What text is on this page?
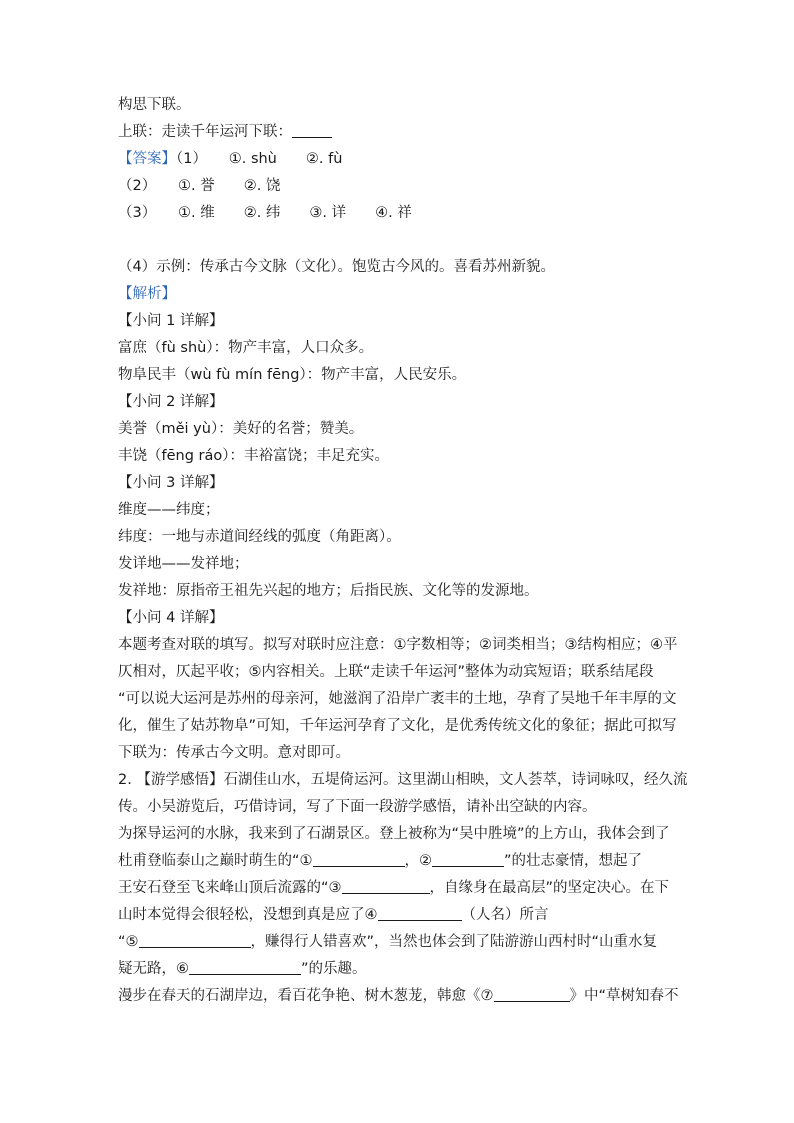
构思下联。
上联：走读千年运河下联：
【答案】（1）　　①. shù　　②. fù
（2）　　①. 誉　　②. 饶
（3）　　①. 维　　②. 纬　　③. 详　　④. 祥
（4）示例：传承古今文脉（文化）。饱览古今风的。喜看苏州新貌。
【解析】
【小问 1 详解】
富庶（fù shù）：物产丰富，人口众多。
物阜民丰（wù fù mín fēng）：物产丰富，人民安乐。
【小问 2 详解】
美誉（měi yù）：美好的名誉；赞美。
丰饶（fēng ráo）：丰裕富饶；丰足充实。
【小问 3 详解】
维度——纬度；
纬度：一地与赤道间经线的弧度（角距离）。
发详地——发祥地；
发祥地：原指帝王祖先兴起的地方；后指民族、文化等的发源地。
【小问 4 详解】
本题考查对联的填写。拟写对联时应注意：①字数相等；②词类相当；③结构相应；④平
仄相对，仄起平收；⑤内容相关。上联“走读千年运河”整体为动宾短语；联系结尾段
“可以说大运河是苏州的母亲河，她滋润了沿岸广袤丰的土地，孕育了吴地千年丰厚的文
化，催生了姑苏物阜”可知，千年运河孕育了文化，是优秀传统文化的象征；据此可拟写
下联为：传承古今文明。意对即可。
2. 【游学感悟】石湖佳山水，五堤倚运河。这里湖山相映，文人荟萃，诗词咏叹，经久流
传。小吴游览后，巧借诗词，写了下面一段游学感悟，请补出空缺的内容。
为探导运河的水脉，我来到了石湖景区。登上被称为“吴中胜境”的上方山，我体会到了
杜甫登临泰山之巅时萌生的“①	，②	”的壮志豪情，想起了
王安石登至飞来峰山顶后流露的“③	，自缘身在最高层”的坚定决心。在下
山时本觉得会很轻松，没想到真是应了④	（人名）所言
“⑤	，赚得行人错喜欢”，当然也体会到了陆游游山西村时“山重水复
疑无路，⑥	”的乐趣。
漫步在春天的石湖岸边，看百花争艳、树木葱茏，韩愈《⑦	》中“草树知春不
